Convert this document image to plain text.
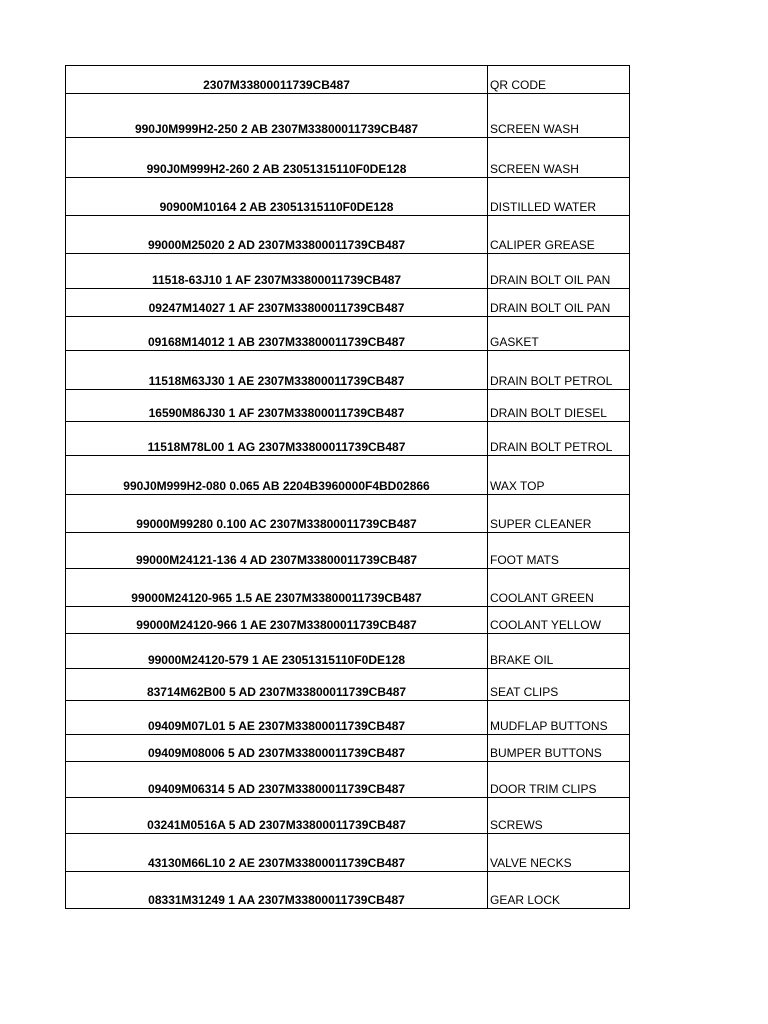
2307M33800011739CB487	QR CODE
990J0M999H2-250 2 AB 2307M33800011739CB487	SCREEN WASH
990J0M999H2-260 2 AB 23051315110F0DE128	SCREEN WASH
90900M10164 2 AB 23051315110F0DE128	DISTILLED WATER
99000M25020 2 AD 2307M33800011739CB487	CALIPER GREASE
11518-63J10 1 AF 2307M33800011739CB487	DRAIN BOLT OIL PAN
09247M14027 1 AF 2307M33800011739CB487	DRAIN BOLT OIL PAN
09168M14012 1 AB 2307M33800011739CB487	GASKET
11518M63J30 1 AE 2307M33800011739CB487	DRAIN BOLT PETROL
16590M86J30 1 AF 2307M33800011739CB487	DRAIN BOLT DIESEL
11518M78L00 1 AG 2307M33800011739CB487	DRAIN BOLT PETROL
990J0M999H2-080 0.065 AB 2204B3960000F4BD02866	WAX TOP
99000M99280 0.100 AC 2307M33800011739CB487	SUPER CLEANER
99000M24121-136 4 AD 2307M33800011739CB487	FOOT MATS
99000M24120-965 1.5 AE 2307M33800011739CB487	COOLANT GREEN
99000M24120-966 1 AE 2307M33800011739CB487	COOLANT YELLOW
99000M24120-579 1 AE 23051315110F0DE128	BRAKE OIL
83714M62B00 5 AD 2307M33800011739CB487	SEAT CLIPS
09409M07L01 5 AE 2307M33800011739CB487	MUDFLAP BUTTONS
09409M08006 5 AD 2307M33800011739CB487	BUMPER BUTTONS
09409M06314 5 AD 2307M33800011739CB487	DOOR TRIM CLIPS
03241M0516A 5 AD 2307M33800011739CB487	SCREWS
43130M66L10 2 AE 2307M33800011739CB487	VALVE NECKS
08331M31249 1 AA 2307M33800011739CB487	GEAR LOCK
